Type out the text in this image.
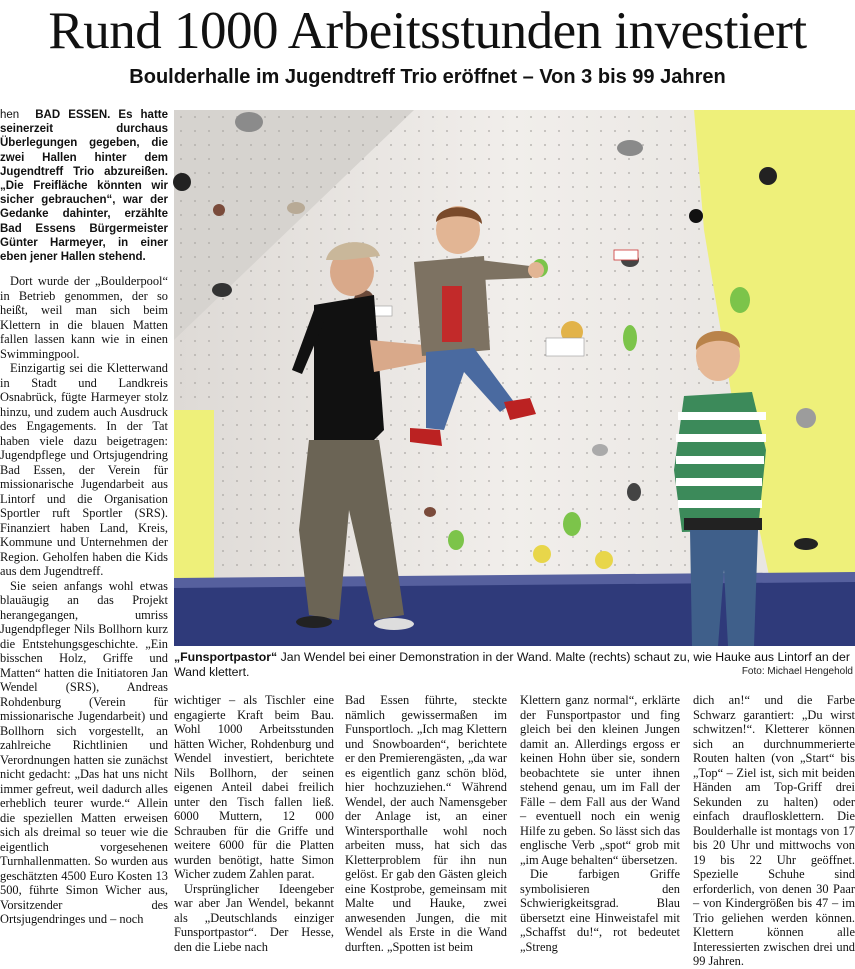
Rund 1000 Arbeitsstunden investiert
Boulderhalle im Jugendtreff Trio eröffnet – Von 3 bis 99 Jahren

hen BAD ESSEN. Es hatte seinerzeit durchaus Überlegungen gegeben, die zwei Hallen hinter dem Jugendtreff Trio abzureißen. „Die Freifläche könnten wir sicher gebrauchen“, war der Gedanke dahinter, erzählte Bad Essens Bürgermeister Günter Harmeyer, in einer eben jener Hallen stehend.

Dort wurde der „Boulderpool“ in Betrieb genommen, der so heißt, weil man sich beim Klettern in die blauen Matten fallen lassen kann wie in einen Swimmingpool.

Einzigartig sei die Kletterwand in Stadt und Landkreis Osnabrück, fügte Harmeyer stolz hinzu, und zudem auch Ausdruck des Engagements. In der Tat haben viele dazu beigetragen: Jugendpflege und Ortsjugendring Bad Essen, der Verein für missionarische Jugendarbeit aus Lintorf und die Organisation Sportler ruft Sportler (SRS). Finanziert haben Land, Kreis, Kommune und Unternehmen der Region. Geholfen haben die Kids aus dem Jugendtreff.

Sie seien anfangs wohl etwas blauäugig an das Projekt herangegangen, umriss Jugendpfleger Nils Bollhorn kurz die Entstehungsgeschichte. „Ein bisschen Holz, Griffe und Matten“ hatten die Initiatoren Jan Wendel (SRS), Andreas Rohdenburg (Verein für missionarische Jugendarbeit) und Bollhorn sich vorgestellt, an zahlreiche Richtlinien und Verordnungen hatten sie zunächst nicht gedacht: „Das hat uns nicht immer gefreut, weil dadurch alles erheblich teurer wurde.“ Allein die speziellen Matten erweisen sich als dreimal so teuer wie die eigentlich vorgesehenen Turnhallenmatten. So wurden aus geschätzten 4500 Euro Kosten 13 500, führte Simon Wicher aus, Vorsitzender des Ortsjugendringes und – noch

„Funsportpastor“ Jan Wendel bei einer Demonstration in der Wand. Malte (rechts) schaut zu, wie Hauke aus Lintorf an der Wand klettert.	Foto: Michael Hengehold

wichtiger – als Tischler eine engagierte Kraft beim Bau. Wohl 1000 Arbeitsstunden hätten Wicher, Rohdenburg und Wendel investiert, berichtete Nils Bollhorn, der seinen eigenen Anteil dabei freilich unter den Tisch fallen ließ. 6000 Muttern, 12 000 Schrauben für die Griffe und weitere 6000 für die Platten wurden benötigt, hatte Simon Wicher zudem Zahlen parat.

Ursprünglicher Ideengeber war aber Jan Wendel, bekannt als „Deutschlands einziger Funsportpastor“. Der Hesse, den die Liebe nach

Bad Essen führte, steckte nämlich gewissermaßen im Funsportloch. „Ich mag Klettern und Snowboarden“, berichtete er den Premierengästen, „da war es eigentlich ganz schön blöd, hier hochzuziehen.“ Während Wendel, der auch Namensgeber der Anlage ist, an einer Wintersporthalle wohl noch arbeiten muss, hat sich das Kletterproblem für ihn nun gelöst. Er gab den Gästen gleich eine Kostprobe, gemeinsam mit Malte und Hauke, zwei anwesenden Jungen, die mit Wendel als Erste in die Wand durften. „Spotten ist beim

Klettern ganz normal“, erklärte der Funsportpastor und fing gleich bei den kleinen Jungen damit an. Allerdings ergoss er keinen Hohn über sie, sondern beobachtete sie unter ihnen stehend genau, um im Fall der Fälle – dem Fall aus der Wand – eventuell noch ein wenig Hilfe zu geben. So lässt sich das englische Verb „spot“ grob mit „im Auge behalten“ übersetzen.

Die farbigen Griffe symbolisieren den Schwierigkeitsgrad. Blau übersetzt eine Hinweistafel mit „Schaffst du!“, rot bedeutet „Streng

dich an!“ und die Farbe Schwarz garantiert: „Du wirst schwitzen!“. Kletterer können sich an durchnummerierte Routen halten (von „Start“ bis „Top“ – Ziel ist, sich mit beiden Händen am Top-Griff drei Sekunden zu halten) oder einfach drauflosklettern. Die Boulderhalle ist montags von 17 bis 20 Uhr und mittwochs von 19 bis 22 Uhr geöffnet. Spezielle Schuhe sind erforderlich, von denen 30 Paar – von Kindergrößen bis 47 – im Trio geliehen werden können. Klettern können alle Interessierten zwischen drei und 99 Jahren.
